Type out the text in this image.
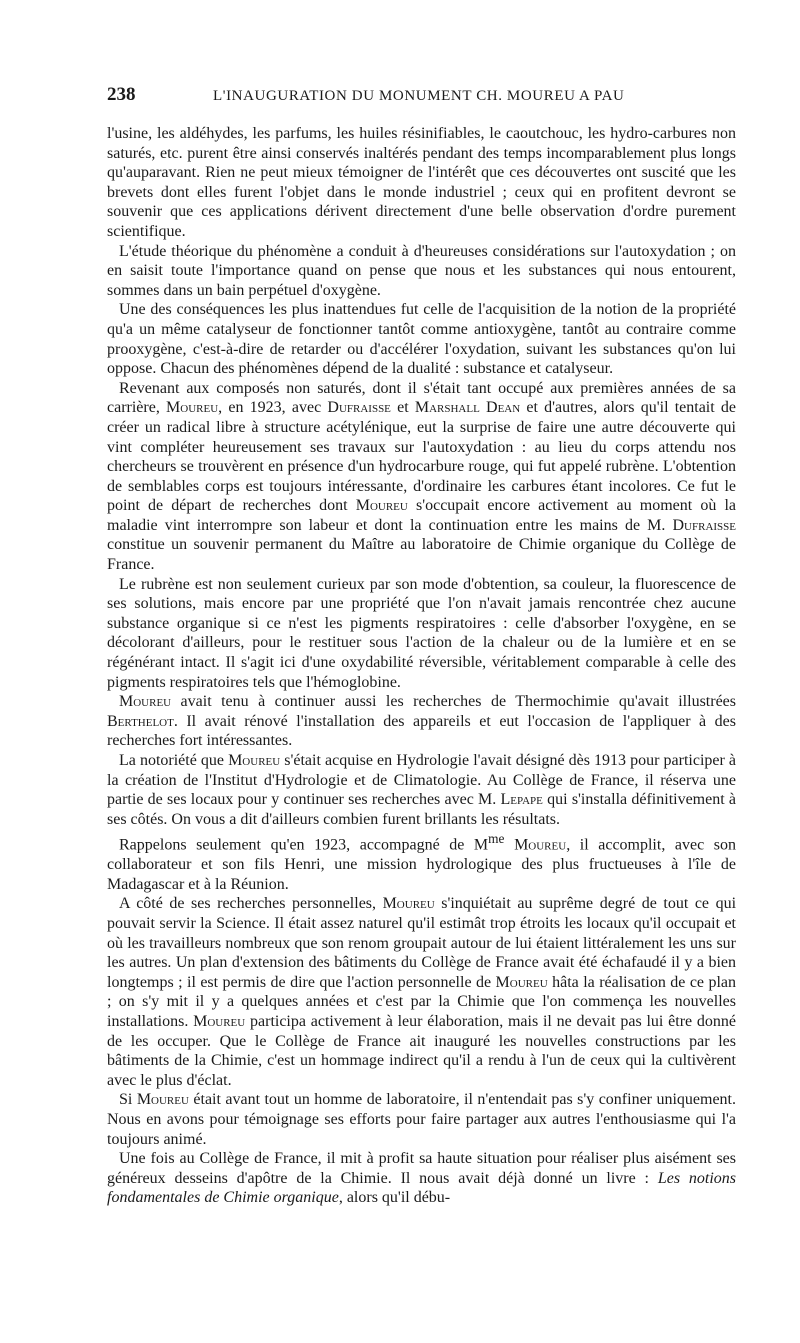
238	L'INAUGURATION DU MONUMENT CH. MOUREU A PAU

l'usine, les aldéhydes, les parfums, les huiles résinifiables, le caoutchouc, les hydro-carbures non saturés, etc. purent être ainsi conservés inaltérés pendant des temps incomparablement plus longs qu'auparavant. Rien ne peut mieux témoigner de l'intérêt que ces découvertes ont suscité que les brevets dont elles furent l'objet dans le monde industriel ; ceux qui en profitent devront se souvenir que ces applications dérivent directement d'une belle observation d'ordre purement scientifique.

L'étude théorique du phénomène a conduit à d'heureuses considérations sur l'autoxydation ; on en saisit toute l'importance quand on pense que nous et les substances qui nous entourent, sommes dans un bain perpétuel d'oxygène.

Une des conséquences les plus inattendues fut celle de l'acquisition de la notion de la propriété qu'a un même catalyseur de fonctionner tantôt comme antioxygène, tantôt au contraire comme prooxygène, c'est-à-dire de retarder ou d'accélérer l'oxydation, suivant les substances qu'on lui oppose. Chacun des phénomènes dépend de la dualité : substance et catalyseur.

Revenant aux composés non saturés, dont il s'était tant occupé aux premières années de sa carrière, Moureu, en 1923, avec Dufraisse et Marshall Dean et d'autres, alors qu'il tentait de créer un radical libre à structure acétylénique, eut la surprise de faire une autre découverte qui vint compléter heureusement ses travaux sur l'autoxydation : au lieu du corps attendu nos chercheurs se trouvèrent en présence d'un hydrocarbure rouge, qui fut appelé rubrène. L'obtention de semblables corps est toujours intéressante, d'ordinaire les carbures étant incolores. Ce fut le point de départ de recherches dont Moureu s'occupait encore activement au moment où la maladie vint interrompre son labeur et dont la continuation entre les mains de M. Dufraisse constitue un souvenir permanent du Maître au laboratoire de Chimie organique du Collège de France.

Le rubrène est non seulement curieux par son mode d'obtention, sa couleur, la fluorescence de ses solutions, mais encore par une propriété que l'on n'avait jamais rencontrée chez aucune substance organique si ce n'est les pigments respiratoires : celle d'absorber l'oxygène, en se décolorant d'ailleurs, pour le restituer sous l'action de la chaleur ou de la lumière et en se régénérant intact. Il s'agit ici d'une oxydabilité réversible, véritablement comparable à celle des pigments respiratoires tels que l'hémoglobine.

Moureu avait tenu à continuer aussi les recherches de Thermochimie qu'avait illustrées Berthelot. Il avait rénové l'installation des appareils et eut l'occasion de l'appliquer à des recherches fort intéressantes.

La notoriété que Moureu s'était acquise en Hydrologie l'avait désigné dès 1913 pour participer à la création de l'Institut d'Hydrologie et de Climatologie. Au Collège de France, il réserva une partie de ses locaux pour y continuer ses recherches avec M. Lepape qui s'installa définitivement à ses côtés. On vous a dit d'ailleurs combien furent brillants les résultats.

Rappelons seulement qu'en 1923, accompagné de $M^{me}$ Moureu, il accomplit, avec son collaborateur et son fils Henri, une mission hydrologique des plus fructueuses à l'île de Madagascar et à la Réunion.

A côté de ses recherches personnelles, Moureu s'inquiétait au suprême degré de tout ce qui pouvait servir la Science. Il était assez naturel qu'il estimât trop étroits les locaux qu'il occupait et où les travailleurs nombreux que son renom groupait autour de lui étaient littéralement les uns sur les autres. Un plan d'extension des bâtiments du Collège de France avait été échafaudé il y a bien longtemps ; il est permis de dire que l'action personnelle de Moureu hâta la réalisation de ce plan ; on s'y mit il y a quelques années et c'est par la Chimie que l'on commença les nouvelles installations. Moureu participa activement à leur élaboration, mais il ne devait pas lui être donné de les occuper. Que le Collège de France ait inauguré les nouvelles constructions par les bâtiments de la Chimie, c'est un hommage indirect qu'il a rendu à l'un de ceux qui la cultivèrent avec le plus d'éclat.

Si Moureu était avant tout un homme de laboratoire, il n'entendait pas s'y confiner uniquement. Nous en avons pour témoignage ses efforts pour faire partager aux autres l'enthousiasme qui l'a toujours animé.

Une fois au Collège de France, il mit à profit sa haute situation pour réaliser plus aisément ses généreux desseins d'apôtre de la Chimie. Il nous avait déjà donné un livre : Les notions fondamentales de Chimie organique, alors qu'il débu-
